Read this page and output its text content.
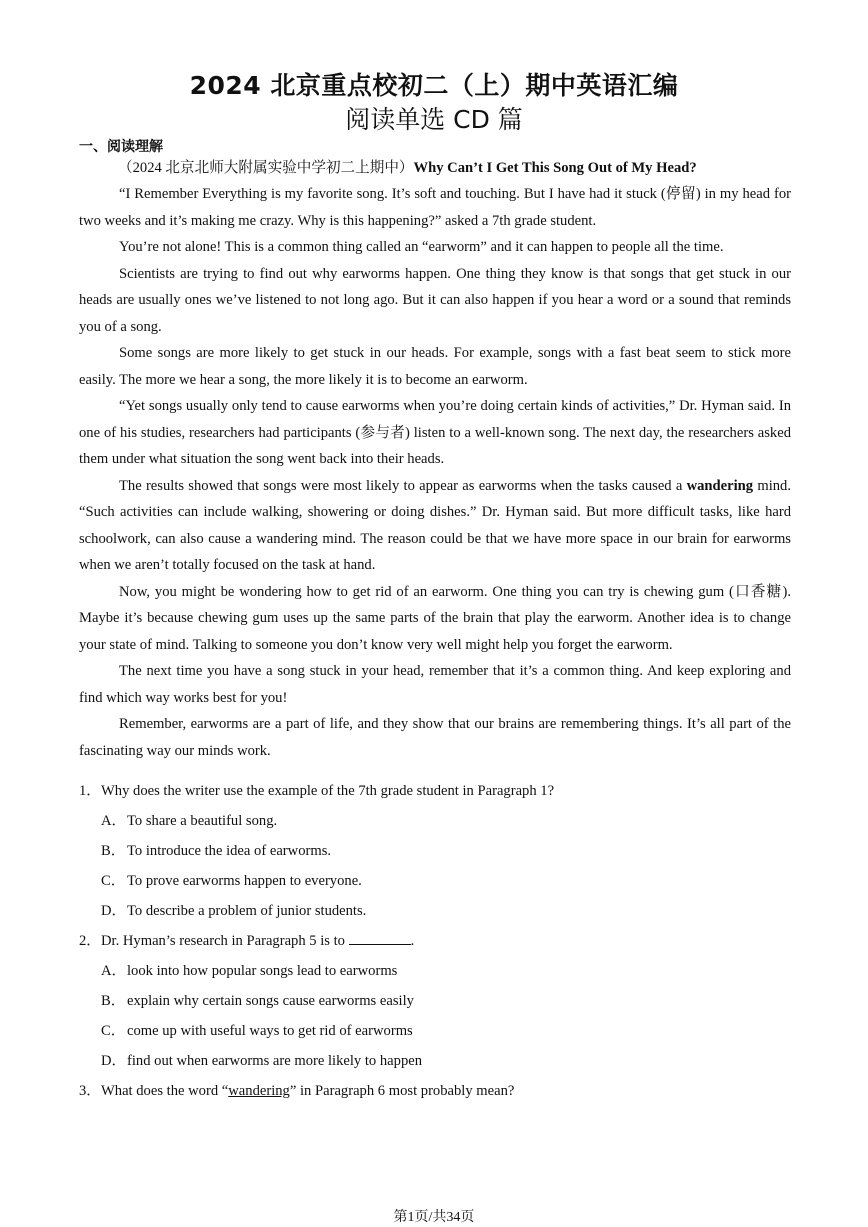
2024 北京重点校初二（上）期中英语汇编
阅读单选 CD 篇
一、阅读理解
（2024 北京北师大附属实验中学初二上期中）Why Can’t I Get This Song Out of My Head?

“I Remember Everything is my favorite song. It’s soft and touching. But I have had it stuck (停留) in my head for two weeks and it’s making me crazy. Why is this happening?” asked a 7th grade student.

You’re not alone! This is a common thing called an “earworm” and it can happen to people all the time.

Scientists are trying to find out why earworms happen. One thing they know is that songs that get stuck in our heads are usually ones we’ve listened to not long ago. But it can also happen if you hear a word or a sound that reminds you of a song.

Some songs are more likely to get stuck in our heads. For example, songs with a fast beat seem to stick more easily. The more we hear a song, the more likely it is to become an earworm.

“Yet songs usually only tend to cause earworms when you’re doing certain kinds of activities,” Dr. Hyman said. In one of his studies, researchers had participants (参与者) listen to a well-known song. The next day, the researchers asked them under what situation the song went back into their heads.

The results showed that songs were most likely to appear as earworms when the tasks caused a wandering mind. “Such activities can include walking, showering or doing dishes.” Dr. Hyman said. But more difficult tasks, like hard schoolwork, can also cause a wandering mind. The reason could be that we have more space in our brain for earworms when we aren’t totally focused on the task at hand.

Now, you might be wondering how to get rid of an earworm. One thing you can try is chewing gum (口香糖). Maybe it’s because chewing gum uses up the same parts of the brain that play the earworm. Another idea is to change your state of mind. Talking to someone you don’t know very well might help you forget the earworm.

The next time you have a song stuck in your head, remember that it’s a common thing. And keep exploring and find which way works best for you!

Remember, earworms are a part of life, and they show that our brains are remembering things. It’s all part of the fascinating way our minds work.

1．Why does the writer use the example of the 7th grade student in Paragraph 1?
A．To share a beautiful song.
B． To introduce the idea of earworms.
C． To prove earworms happen to everyone.
D．To describe a problem of junior students.
2．Dr. Hyman’s research in Paragraph 5 is to	.
A．look into how popular songs lead to earworms
B． explain why certain songs cause earworms easily
C． come up with useful ways to get rid of earworms
D．find out when earworms are more likely to happen
3．What does the word “wandering” in Paragraph 6 most probably mean?
第1页/共34页
